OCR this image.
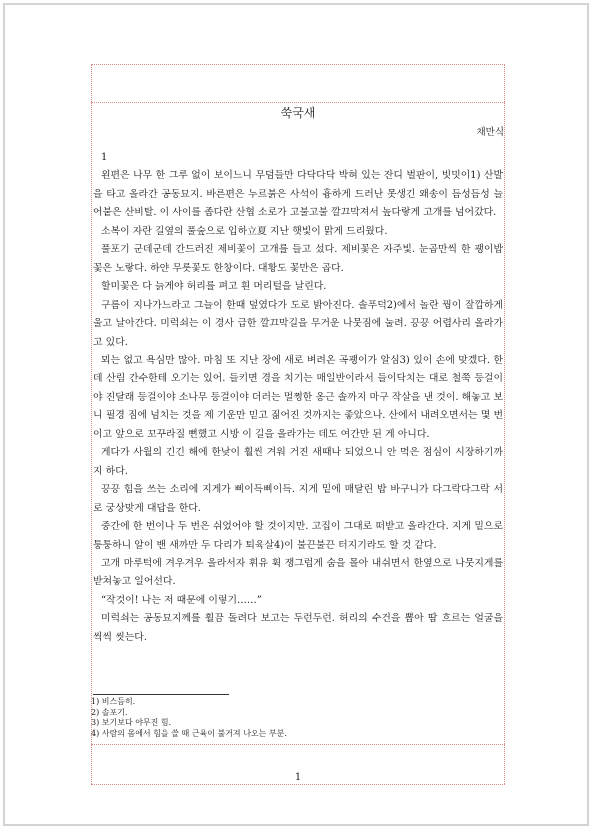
쑥국새
채만식
1

왼편은 나무 한 그루 없이 보이느니 무덤들만 다닥다닥 박혀 있는 잔디 벌판이, 빗밋이1) 산발을 타고 올라간 공동묘지. 바른편은 누르붉은 사석이 흉하게 드러난 못생긴 왜송이 듬성듬성 늘어붙은 산비탈. 이 사이를 좁다란 산협 소로가 고불고불 깔끄막져서 높다랗게 고개를 넘어갔다.

소복이 자란 길옆의 풀숲으로 입하立夏 지난 햇빛이 맑게 드리웠다.

풀포기 군데군데 간드러진 제비꽃이 고개를 들고 섰다. 제비꽃은 자주빛. 눈곱만씩 한 괭이밥꽃은 노랗다. 하얀 무릇꽃도 한창이다. 대황도 꽃만은 곱다.

할미꽃은 다 늙게야 허리를 펴고 흰 머리털을 날린다.

구름이 지나가느라고 그늘이 한때 덮였다가 도로 밝아진다. 솔푸덕2)에서 놀란 꿩이 잘깝하게 울고 날아간다. 미럭쇠는 이 경사 급한 깔끄막길을 무거운 나뭇짐에 눌려. 끙끙 어렵사리 올라가고 있다.

뫼는 없고 욕심만 많아. 마침 또 지난 장에 새로 벼려온 곡괭이가 알심3) 있이 손에 맞겠다. 한데 산림 간수한테 오기는 있어. 들키면 경을 치기는 매일반이라서 들이닥치는 대로 철쭉 등걸이야 진달래 등걸이야 소나무 등걸이야 더러는 멀쩡한 옹근 솔까지 마구 작살을 낸 것이. 해놓고 보니 필경 짐에 넘치는 것을 제 기운만 믿고 짊어진 것까지는 좋았으나. 산에서 내려오면서는 몇 번이고 앞으로 꼬꾸라질 뻔했고 시방 이 길을 올라가는 데도 여간만 된 게 아니다.

게다가 사월의 긴긴 해에 한낮이 훨씬 겨워 거진 새때나 되었으니 안 먹은 점심이 시장하기까지 하다.

끙끙 힘을 쓰는 소리에 지게가 삐이득삐이득. 지게 밑에 매달린 밥 바구니가 다그락다그락 서로 궁상맞게 대답을 한다.

중간에 한 번이나 두 번은 쉬었어야 할 것이지만. 고집이 그대로 떠받고 올라간다. 지게 밑으로 퉁퉁하니 알이 밴 새까만 두 다리가 퇴육살4)이 불끈불끈 터지기라도 할 것 같다.

고개 마루턱에 겨우겨우 올라서자 휘유 휙 쟁그럽게 숨을 몰아 내쉬면서 한옆으로 나뭇지게를 받쳐놓고 일어선다.

“작것이! 나는 저 때문에 이렇기……”

미럭쇠는 공동묘지께를 휠끔 돌려다 보고는 두런두런. 허리의 수건을 뽑아 땀 흐르는 얼굴을 씩씩 씻는다.

1) 비스듬히.
2) 솔포기.
3) 보기보다 야무진 힘.
4) 사람의 몸에서 힘을 쓸 때 근육이 불거져 나오는 부분.
1
